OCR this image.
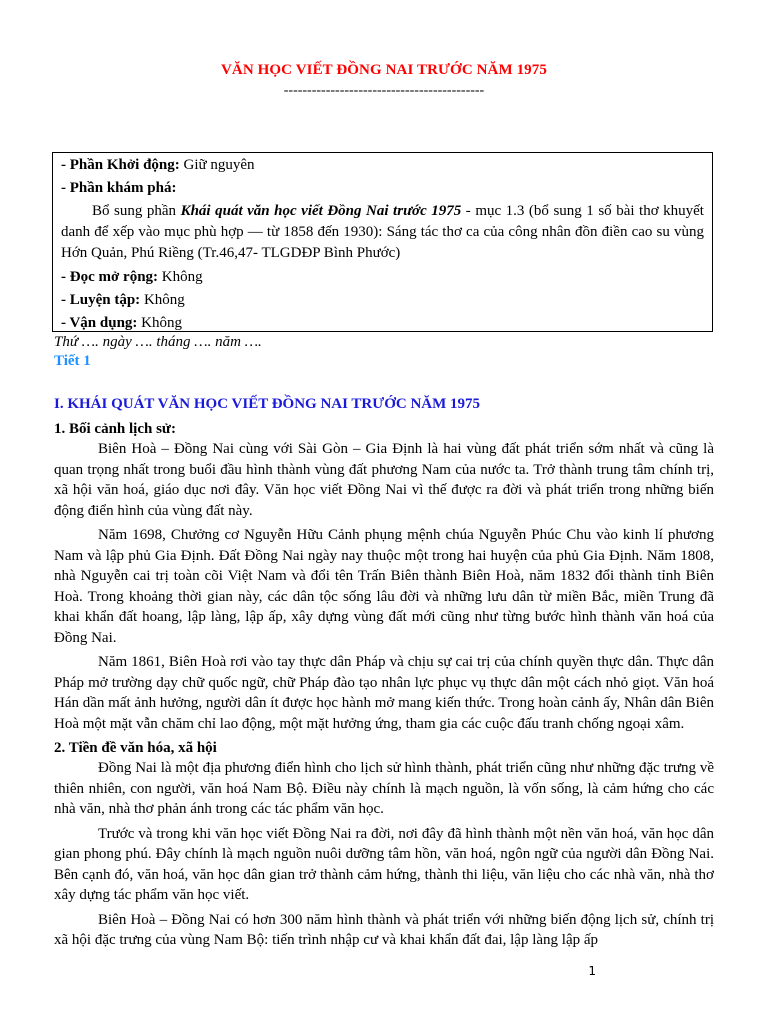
VĂN HỌC VIẾT ĐỒNG NAI TRƯỚC NĂM 1975
-------------------------------------------

- Phần Khởi động: Giữ nguyên

- Phần khám phá:

Bổ sung phần Khái quát văn học viết Đồng Nai trước 1975 - mục 1.3 (bổ sung 1 số bài thơ khuyết danh để xếp vào mục phù hợp — từ 1858 đến 1930): Sáng tác thơ ca của công nhân đồn điền cao su vùng Hớn Quản, Phú Riềng (Tr.46,47- TLGDĐP Bình Phước)

- Đọc mở rộng: Không

- Luyện tập: Không

- Vận dụng: Không

Thứ …. ngày …. tháng …. năm ….
Tiết 1
I. KHÁI QUÁT VĂN HỌC VIẾT ĐỒNG NAI TRƯỚC NĂM 1975
1. Bối cảnh lịch sử:

Biên Hoà – Đồng Nai cùng với Sài Gòn – Gia Định là hai vùng đất phát triển sớm nhất và cũng là quan trọng nhất trong buổi đầu hình thành vùng đất phương Nam của nước ta. Trở thành trung tâm chính trị, xã hội văn hoá, giáo dục nơi đây. Văn học viết Đồng Nai vì thế được ra đời và phát triển trong những biến động điển hình của vùng đất này.

Năm 1698, Chưởng cơ Nguyễn Hữu Cảnh phụng mệnh chúa Nguyễn Phúc Chu vào kinh lí phương Nam và lập phủ Gia Định. Đất Đồng Nai ngày nay thuộc một trong hai huyện của phủ Gia Định. Năm 1808, nhà Nguyễn cai trị toàn cõi Việt Nam và đổi tên Trấn Biên thành Biên Hoà, năm 1832 đổi thành tỉnh Biên Hoà. Trong khoảng thời gian này, các dân tộc sống lâu đời và những lưu dân từ miền Bắc, miền Trung đã khai khẩn đất hoang, lập làng, lập ấp, xây dựng vùng đất mới cũng như từng bước hình thành văn hoá của Đồng Nai.

Năm 1861, Biên Hoà rơi vào tay thực dân Pháp và chịu sự cai trị của chính quyền thực dân. Thực dân Pháp mở trường dạy chữ quốc ngữ, chữ Pháp đào tạo nhân lực phục vụ thực dân một cách nhỏ giọt. Văn hoá Hán dần mất ảnh hưởng, người dân ít được học hành mở mang kiến thức. Trong hoàn cảnh ấy, Nhân dân Biên Hoà một mặt vẫn chăm chỉ lao động, một mặt hưởng ứng, tham gia các cuộc đấu tranh chống ngoại xâm.

2. Tiền đề văn hóa, xã hội

Đồng Nai là một địa phương điển hình cho lịch sử hình thành, phát triển cũng như những đặc trưng về thiên nhiên, con người, văn hoá Nam Bộ. Điều này chính là mạch nguồn, là vốn sống, là cảm hứng cho các nhà văn, nhà thơ phản ánh trong các tác phẩm văn học.

Trước và trong khi văn học viết Đồng Nai ra đời, nơi đây đã hình thành một nền văn hoá, văn học dân gian phong phú. Đây chính là mạch nguồn nuôi dưỡng tâm hồn, văn hoá, ngôn ngữ của người dân Đồng Nai. Bên cạnh đó, văn hoá, văn học dân gian trở thành cảm hứng, thành thi liệu, văn liệu cho các nhà văn, nhà thơ xây dựng tác phẩm văn học viết.

Biên Hoà – Đồng Nai có hơn 300 năm hình thành và phát triển với những biến động lịch sử, chính trị xã hội đặc trưng của vùng Nam Bộ: tiến trình nhập cư và khai khẩn đất đai, lập làng lập ấp

1
